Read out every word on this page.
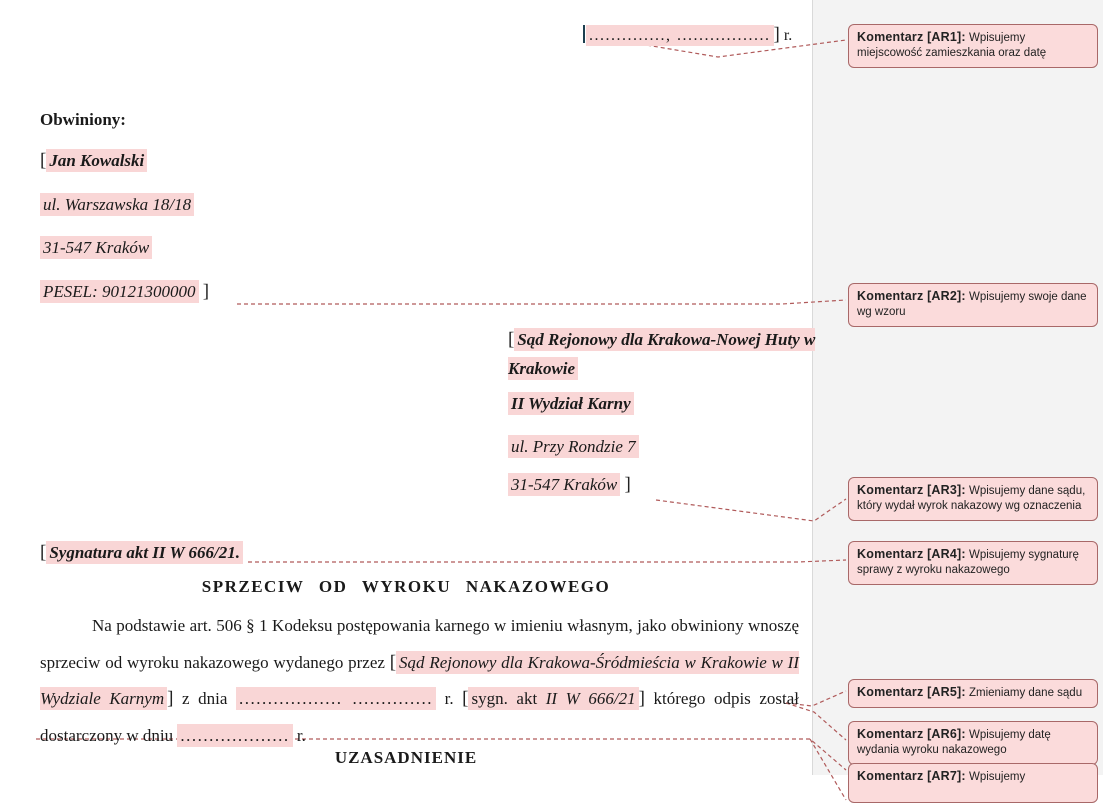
.............., ................. ] r.
Obwiniony:
[ Jan Kowalski
ul. Warszawska 18/18
31-547 Kraków
PESEL: 90121300000 ]
[ Sąd Rejonowy dla Krakowa-Nowej Huty w Krakowie
II Wydział Karny
ul. Przy Rondzie 7
31-547 Kraków ]
[ Sygnatura akt II W 666/21.
SPRZECIW OD WYROKU NAKAZOWEGO
Na podstawie art. 506 § 1 Kodeksu postępowania karnego w imieniu własnym, jako obwiniony wnoszę sprzeciw od wyroku nakazowego wydanego przez [ Sąd Rejonowy dla Krakowa-Śródmieścia w Krakowie w II Wydziale Karnym ] z dnia .................. .............. r. [ sygn. akt II W 666/21 ] którego odpis został dostarczony w dniu ................... r.
UZASADNIENIE
Komentarz [AR1]: Wpisujemy miejscowość zamieszkania oraz datę
Komentarz [AR2]: Wpisujemy swoje dane wg wzoru
Komentarz [AR3]: Wpisujemy dane sądu, który wydał wyrok nakazowy wg oznaczenia
Komentarz [AR4]: Wpisujemy sygnaturę sprawy z wyroku nakazowego
Komentarz [AR5]: Zmieniamy dane sądu
Komentarz [AR6]: Wpisujemy datę wydania wyroku nakazowego
Komentarz [AR7]: Wpisujemy
